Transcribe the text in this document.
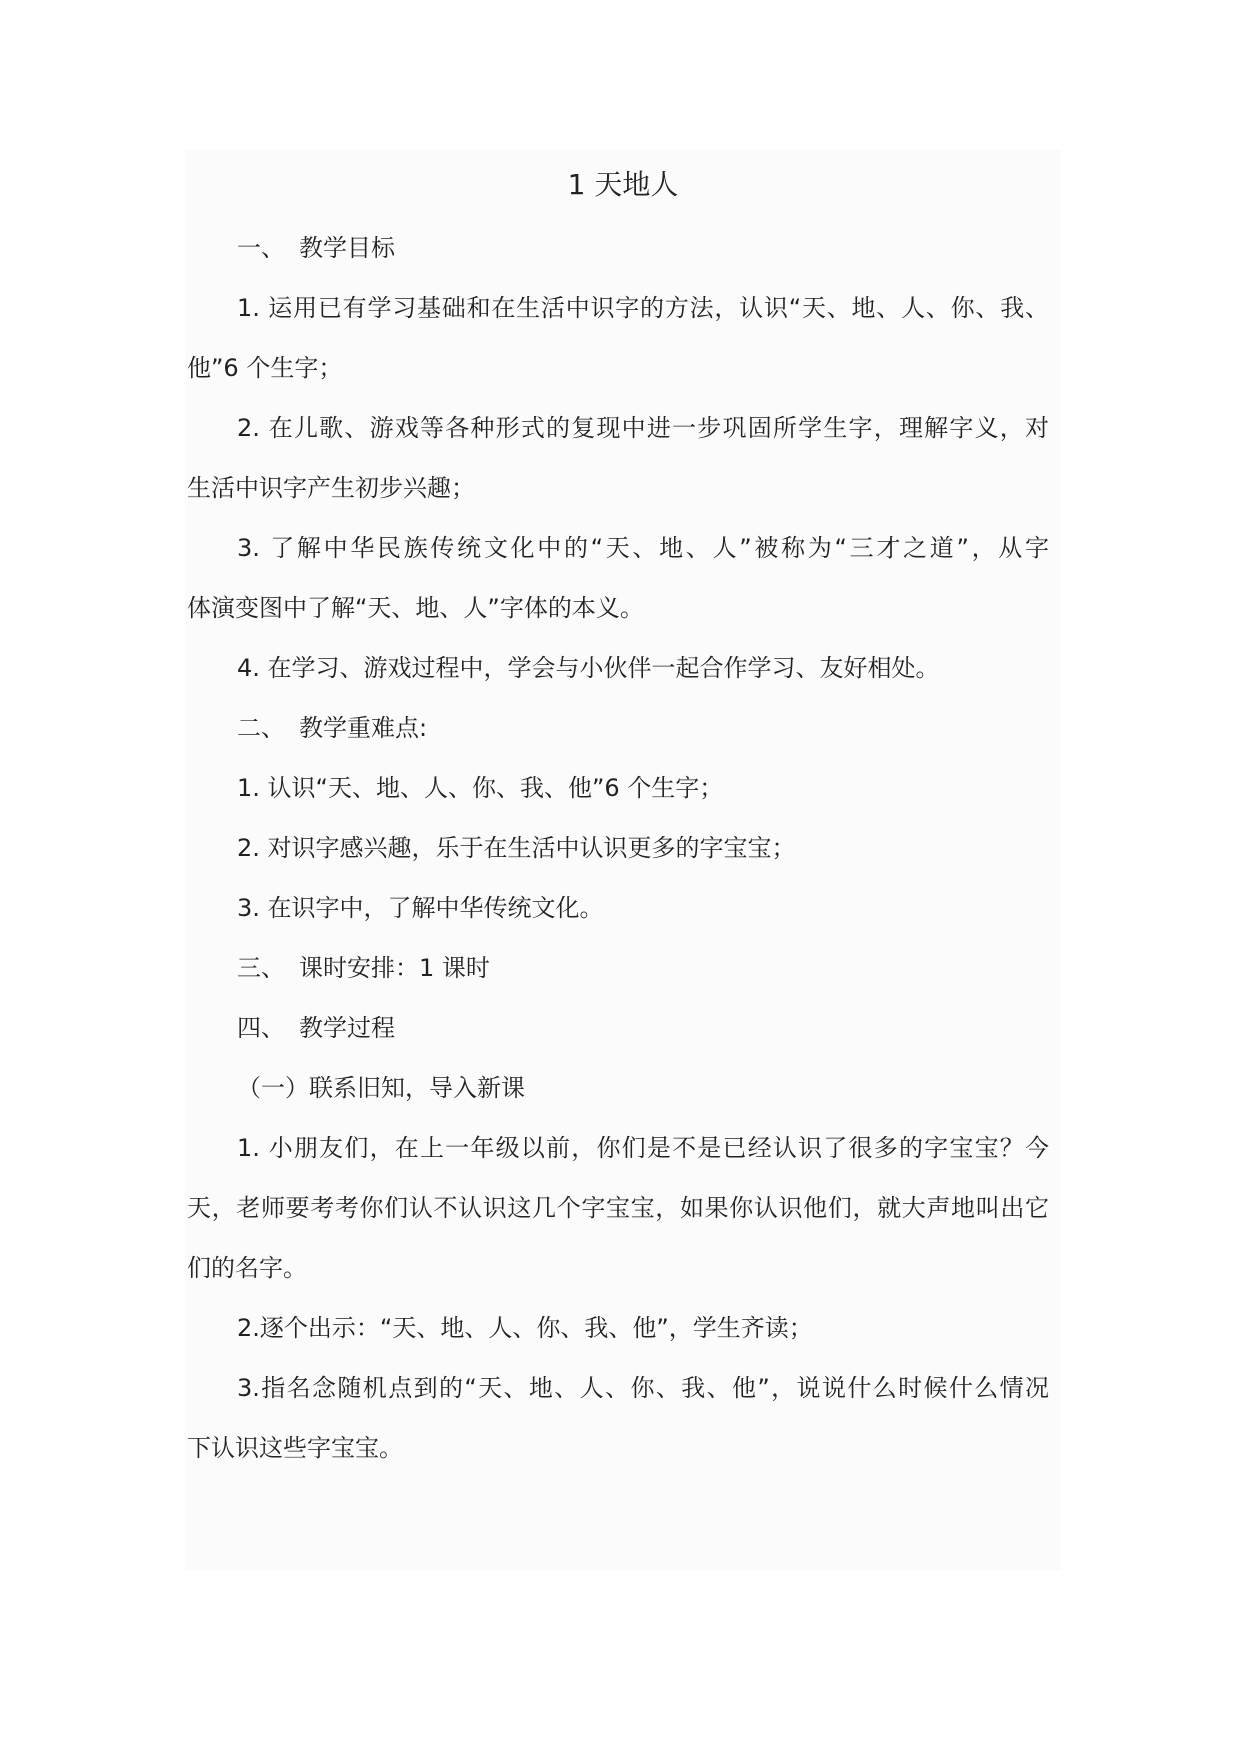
1 天地人

一、 教学目标

1. 运用已有学习基础和在生活中识字的方法，认识“天、地、人、你、我、

他”6 个生字；

2. 在儿歌、游戏等各种形式的复现中进一步巩固所学生字，理解字义，对

生活中识字产生初步兴趣；

3. 了解中华民族传统文化中的“天、地、人”被称为“三才之道”，从字

体演变图中了解“天、地、人”字体的本义。

4. 在学习、游戏过程中，学会与小伙伴一起合作学习、友好相处。

二、 教学重难点:

1. 认识“天、地、人、你、我、他”6 个生字；

2. 对识字感兴趣，乐于在生活中认识更多的字宝宝；

3. 在识字中，了解中华传统文化。

三、 课时安排：1 课时

四、 教学过程

（一）联系旧知，导入新课

1. 小朋友们，在上一年级以前，你们是不是已经认识了很多的字宝宝？今

天，老师要考考你们认不认识这几个字宝宝，如果你认识他们，就大声地叫出它

们的名字。

2.逐个出示：“天、地、人、你、我、他”，学生齐读；

3.指名念随机点到的“天、地、人、你、我、他”，说说什么时候什么情况

下认识这些字宝宝。
